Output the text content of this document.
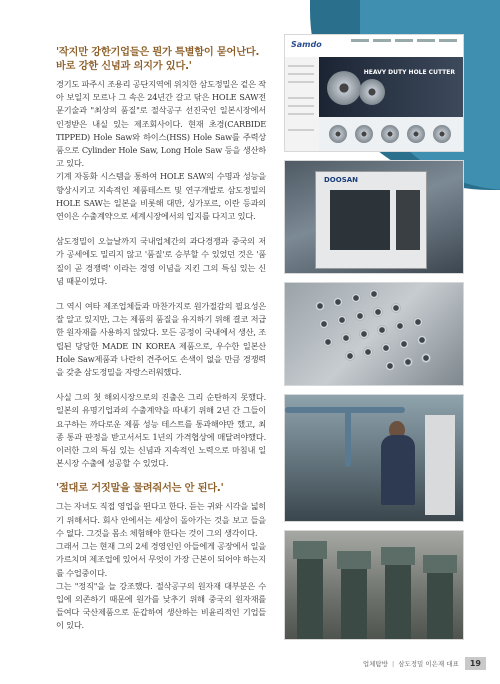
'작지만 강한기업들은 뭔가 특별함이 묻어난다. 바로 강한 신념과 의지가 있다.'

경기도 파주시 조용리 공단지역에 위치한 삼도정밀은 겉은 작아 보일지 모르나 그 속은 24년간 갈고 닦은 HOLE SAW전문기술과 "최상의 품질"로 절삭공구 선진국인 일본시장에서 인정받은 내실 있는 제조회사이다. 현재 초경(CARBIDE TIPPED) Hole Saw와 하이스(HSS) Hole Saw를 주력상품으로 Cylinder Hole Saw, Long Hole Saw 등을 생산하고 있다.

기계 자동화 시스템을 통하여 HOLE SAW의 수명과 성능을 향상시키고 지속적인 제품테스트 및 연구개발로 삼도정밀의 HOLE SAW는 일본을 비롯해 대만, 싱가포르, 이란 등과의 연이은 수출계약으로 세계시장에서의 입지를 다지고 있다.

삼도정밀이 오늘날까지 국내업체간의 과다경쟁과 중국의 저가 공세에도 밀리지 않고 '품질'로 승부할 수 있었던 것은 '품질이 곧 경쟁력' 이라는 경영 이념을 지킨 그의 특심 있는 신념 때문이었다.

그 역시 여타 제조업체들과 마찬가지로 원가절감의 필요성은 잘 알고 있지만, 그는 제품의 품질을 유지하기 위해 결코 저급한 원자재를 사용하지 않았다. 모든 공정이 국내에서 생산, 조립된 당당한 MADE IN KOREA 제품으로, 우수한 일본산 Hole Saw제품과 나란히 견주어도 손색이 없을 만큼 경쟁력을 갖춘 삼도정밀을 자랑스러워했다.

사실 그의 첫 해외시장으로의 진출은 그리 순탄하지 못했다. 일본의 유명기업과의 수출계약을 따내기 위해 2년 간 그들이 요구하는 까다로운 제품 성능 테스트를 통과해야만 했고, 최종 통과 판정을 받고서서도 1년의 가격협상에 매달려야했다. 이러한 그의 특심 있는 신념과 지속적인 노력으로 마침내 일본시장 수출에 성공할 수 있었다.

'절대로 거짓말을 물려줘서는 안 된다.'

그는 자녀도 직접 영업을 뛴다고 한다. 듣는 귀와 시각을 넓히기 위해서다. 회사 안에서는 세상이 돌아가는 것을 보고 들을 수 없다. 그것을 몸소 체험해야 한다는 것이 그의 생각이다.

그래서 그는 현재 그의 2세 경영인인 아들에게 공장에서 일을 가르치며 제조업에 있어서 무엇이 가장 근본이 되어야 하는지를 수업중이다.

그는 "정직"을 늘 강조했다. 절삭공구의 원자재 대부분은 수입에 의존하기 때문에 원가를 낮추기 위해 중국의 원자재를 들여다 국산제품으로 둔갑하여 생산하는 비윤리적인 기업들이 있다.

Samdo
HEAVY DUTY HOLE CUTTER
DOOSAN
업체탐방 | 삼도정밀 이은재 대표	19
